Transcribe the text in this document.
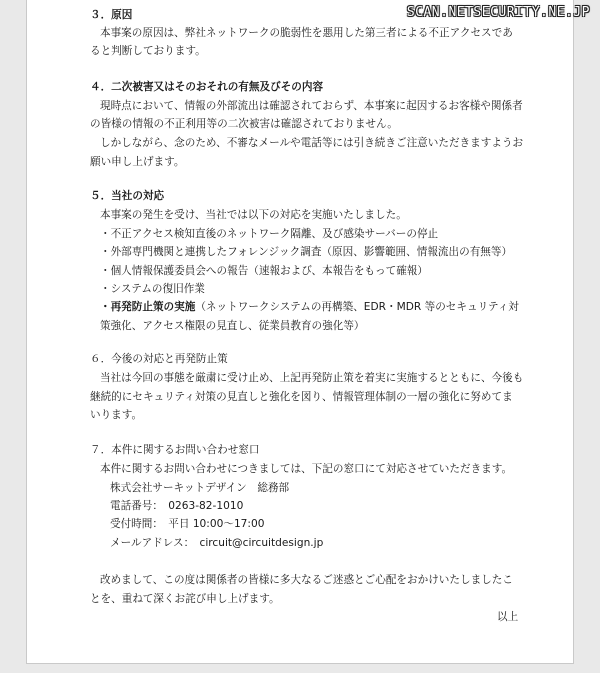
３．原因
本事案の原因は、弊社ネットワークの脆弱性を悪用した第三者による不正アクセスであ
ると判断しております。
４．二次被害又はそのおそれの有無及びその内容
現時点において、情報の外部流出は確認されておらず、本事案に起因するお客様や関係者
の皆様の情報の不正利用等の二次被害は確認されておりません。
しかしながら、念のため、不審なメールや電話等には引き続きご注意いただきますようお
願い申し上げます。
５．当社の対応
本事案の発生を受け、当社では以下の対応を実施いたしました。
・不正アクセス検知直後のネットワーク隔離、及び感染サーバーの停止
・外部専門機関と連携したフォレンジック調査（原因、影響範囲、情報流出の有無等）
・個人情報保護委員会への報告（速報および、本報告をもって確報）
・システムの復旧作業
・再発防止策の実施（ネットワークシステムの再構築、EDR・MDR 等のセキュリティ対
策強化、アクセス権限の見直し、従業員教育の強化等）
６．今後の対応と再発防止策
当社は今回の事態を厳粛に受け止め、上記再発防止策を着実に実施するとともに、今後も
継続的にセキュリティ対策の見直しと強化を図り、情報管理体制の一層の強化に努めてま
いります。
７．本件に関するお問い合わせ窓口
本件に関するお問い合わせにつきましては、下記の窓口にて対応させていただきます。
株式会社サーキットデザイン　総務部
電話番号：　0263-82-1010
受付時間：　平日 10:00〜17:00
メールアドレス：　circuit@circuitdesign.jp
改めまして、この度は関係者の皆様に多大なるご迷惑とご心配をおかけいたしましたこ
とを、重ねて深くお詫び申し上げます。
以上
SCAN.NETSECURITY.NE.JP
